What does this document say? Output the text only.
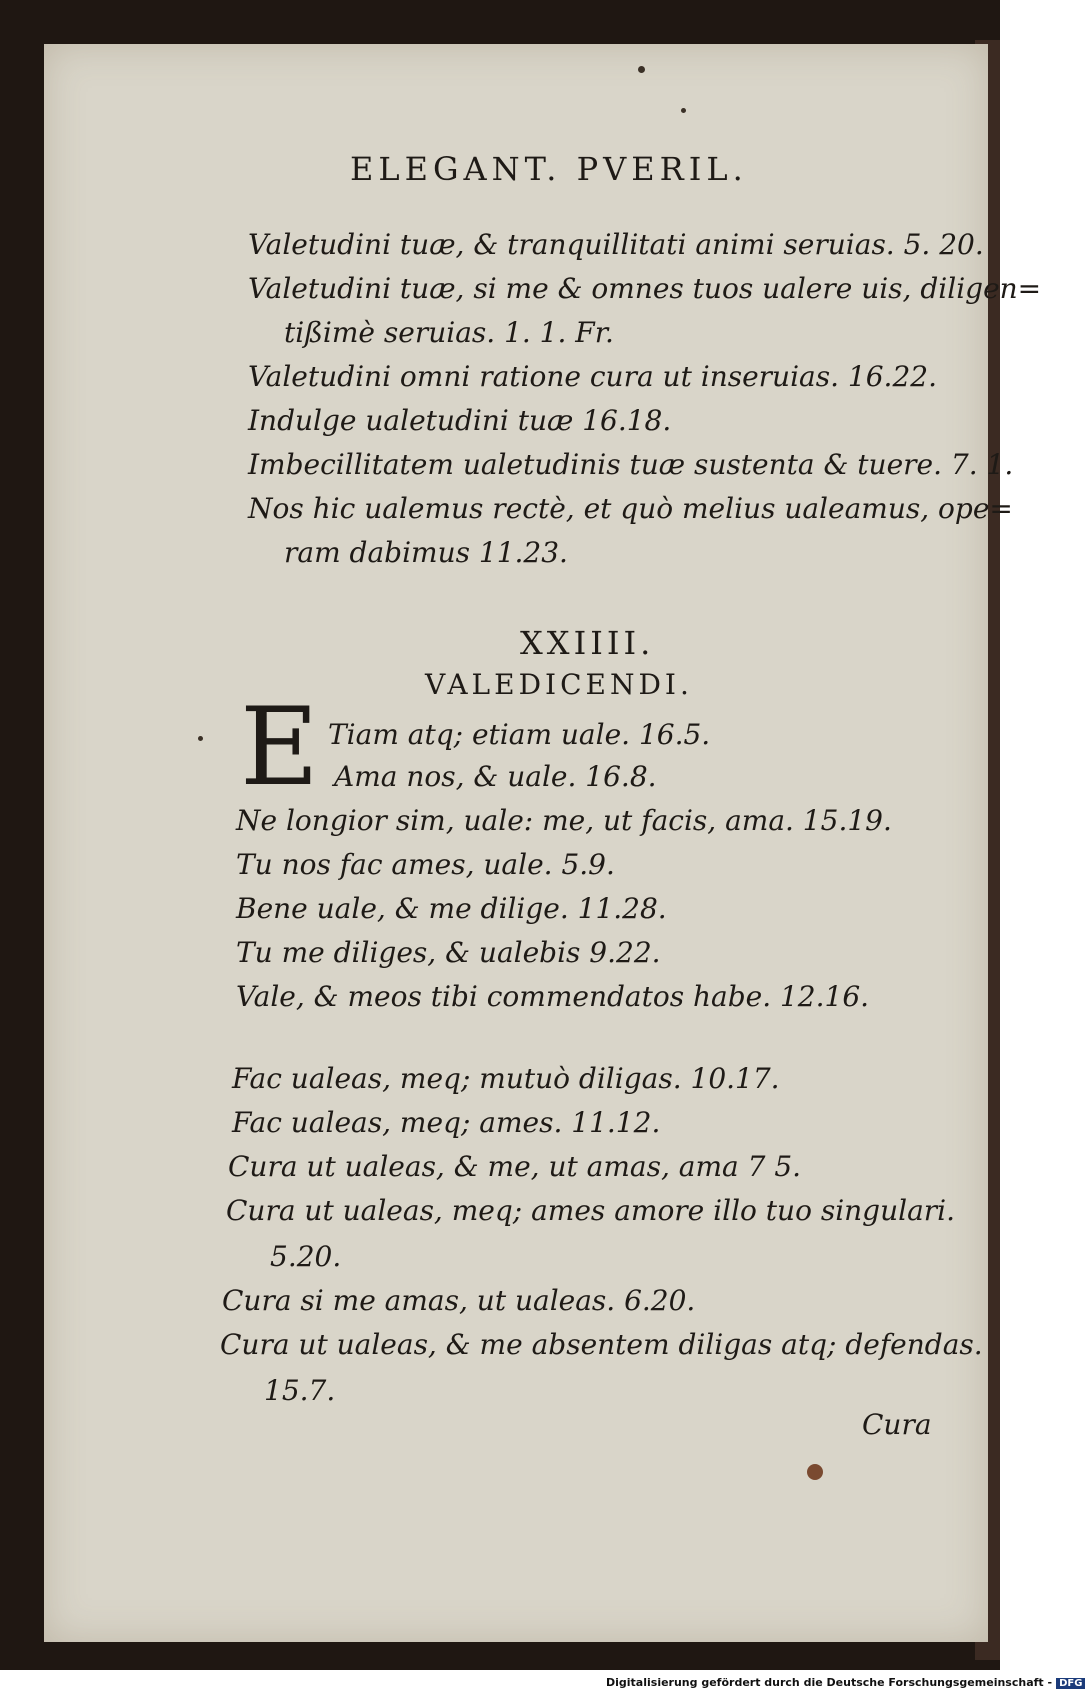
ELEGANT. PVERIL.
Valetudini tuæ, & tranquillitati animi seruias. 5. 20.
Valetudini tuæ, si me & omnes tuos ualere uis, diligen=
tißimè seruias. 1. 1. Fr.
Valetudini omni ratione cura ut inseruias. 16.22.
Indulge ualetudini tuæ 16.18.
Imbecillitatem ualetudinis tuæ sustenta & tuere. 7. 1.
Nos hic ualemus rectè, et quò melius ualeamus, ope=
ram dabimus 11.23.
XXIIII.
VALEDICENDI.
E Tiam atq; etiam uale. 16.5.
Ama nos, & uale. 16.8.
Ne longior sim, uale: me, ut facis, ama. 15.19.
Tu nos fac ames, uale. 5.9.
Bene uale, & me dilige. 11.28.
Tu me diliges, & ualebis 9.22.
Vale, & meos tibi commendatos habe. 12.16.
Fac ualeas, meq; mutuò diligas. 10.17.
Fac ualeas, meq; ames. 11.12.
Cura ut ualeas, & me, ut amas, ama 7 5.
Cura ut ualeas, meq; ames amore illo tuo singulari.
5.20.
Cura si me amas, ut ualeas. 6.20.
Cura ut ualeas, & me absentem diligas atq; defendas.
15.7.
Cura
Digitalisierung gefördert durch die Deutsche Forschungsgemeinschaft - DFG
